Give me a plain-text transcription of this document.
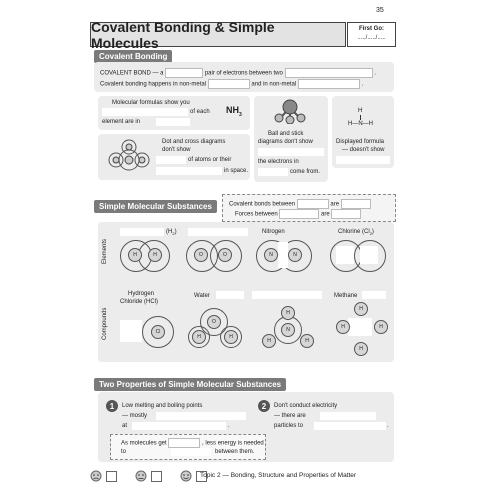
35
Covalent Bonding & Simple Molecules
First Go:
...../...../.....
Covalent Bonding
COVALENT BOND — a	pair of electrons between two	.
Covalent bonding happens in non-metal	and in non-metal	.
Molecular formulas show you
of each
element are in
$NH_3$
Ball and stick
diagrams don't show
the electrons in
come from.
H
H—N—H
Displayed formula
— doesn't show
Dot and cross diagrams
don't show
of atoms or their
in space.
Simple Molecular Substances	Covalent bonds between	are
Forces between	are
Elements
Compounds
$(H_2)$	Nitrogen	Chlorine $(Cl_2)$
H	H	O	O	N	N
Hydrogen
Chloride (HCl)
Water	Methane
Cl
O
H	H
N
H
H	H
H
H	H
H
Two Properties of Simple Molecular Substances
1	Low melting and boiling points
— mostly
at	.
As molecules get	, less energy is needed to	between them.
2	Don't conduct electricity
— there are
particles to	.
Topic 2 — Bonding, Structure and Properties of Matter
